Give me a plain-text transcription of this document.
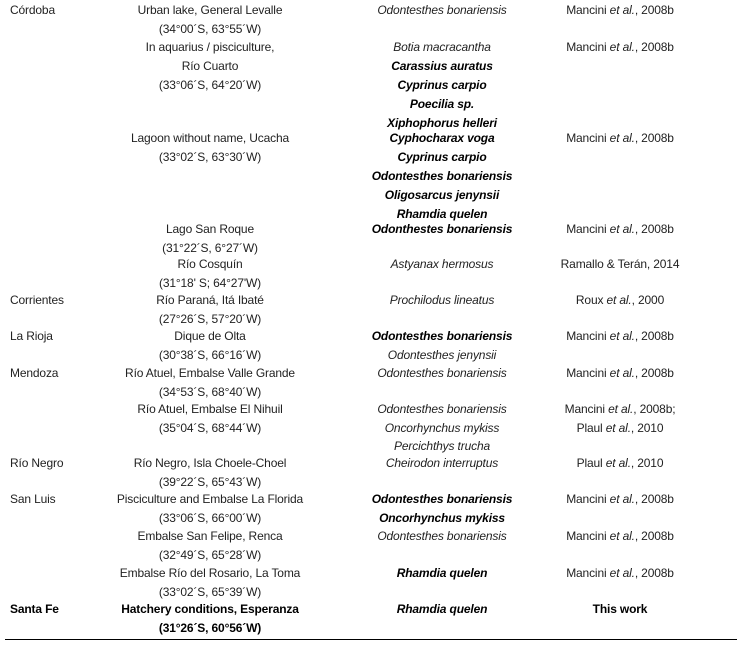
Córdoba	Urban lake, General Levalle	Odontesthes bonariensis	Mancini et al., 2008b
(34°00´S, 63°55´W)
In aquarius / pisciculture,	Botia macracantha	Mancini et al., 2008b
Río Cuarto	Carassius auratus
(33°06´S, 64°20´W)	Cyprinus carpio
Poecilia sp.
Xiphophorus helleri
Lagoon without name, Ucacha	Cyphocharax voga	Mancini et al., 2008b
(33°02´S, 63°30´W)	Cyprinus carpio
Odontesthes bonariensis
Oligosarcus jenynsii
Rhamdia quelen
Lago San Roque	Odonthestes bonariensis	Mancini et al., 2008b
(31°22´S, 6°27´W)
Río Cosquín	Astyanax hermosus	Ramallo & Terán, 2014
(31°18' S; 64°27'W)
Corrientes	Río Paraná, Itá Ibaté	Prochilodus lineatus	Roux et al., 2000
(27°26´S, 57°20´W)
La Rioja	Dique de Olta	Odontesthes bonariensis	Mancini et al., 2008b
(30°38´S, 66°16´W)	Odontesthes jenynsii
Mendoza	Río Atuel, Embalse Valle Grande	Odontesthes bonariensis	Mancini et al., 2008b
(34°53´S, 68°40´W)
Río Atuel, Embalse El Nihuil	Odontesthes bonariensis	Mancini et al., 2008b;
(35°04´S, 68°44´W)	Oncorhynchus mykiss	Plaul et al., 2010
Percichthys trucha
Río Negro	Río Negro, Isla Choele-Choel	Cheirodon interruptus	Plaul et al., 2010
(39°22´S, 65°43´W)
San Luis	Pisciculture and Embalse La Florida	Odontesthes bonariensis	Mancini et al., 2008b
(33°06´S, 66°00´W)	Oncorhynchus mykiss
Embalse San Felipe, Renca	Odontesthes bonariensis	Mancini et al., 2008b
(32°49´S, 65°28´W)
Embalse Río del Rosario, La Toma	Rhamdia quelen	Mancini et al., 2008b
(33°02´S, 65°39´W)
Santa Fe	Hatchery conditions, Esperanza	Rhamdia quelen	This work
(31°26´S, 60°56´W)
